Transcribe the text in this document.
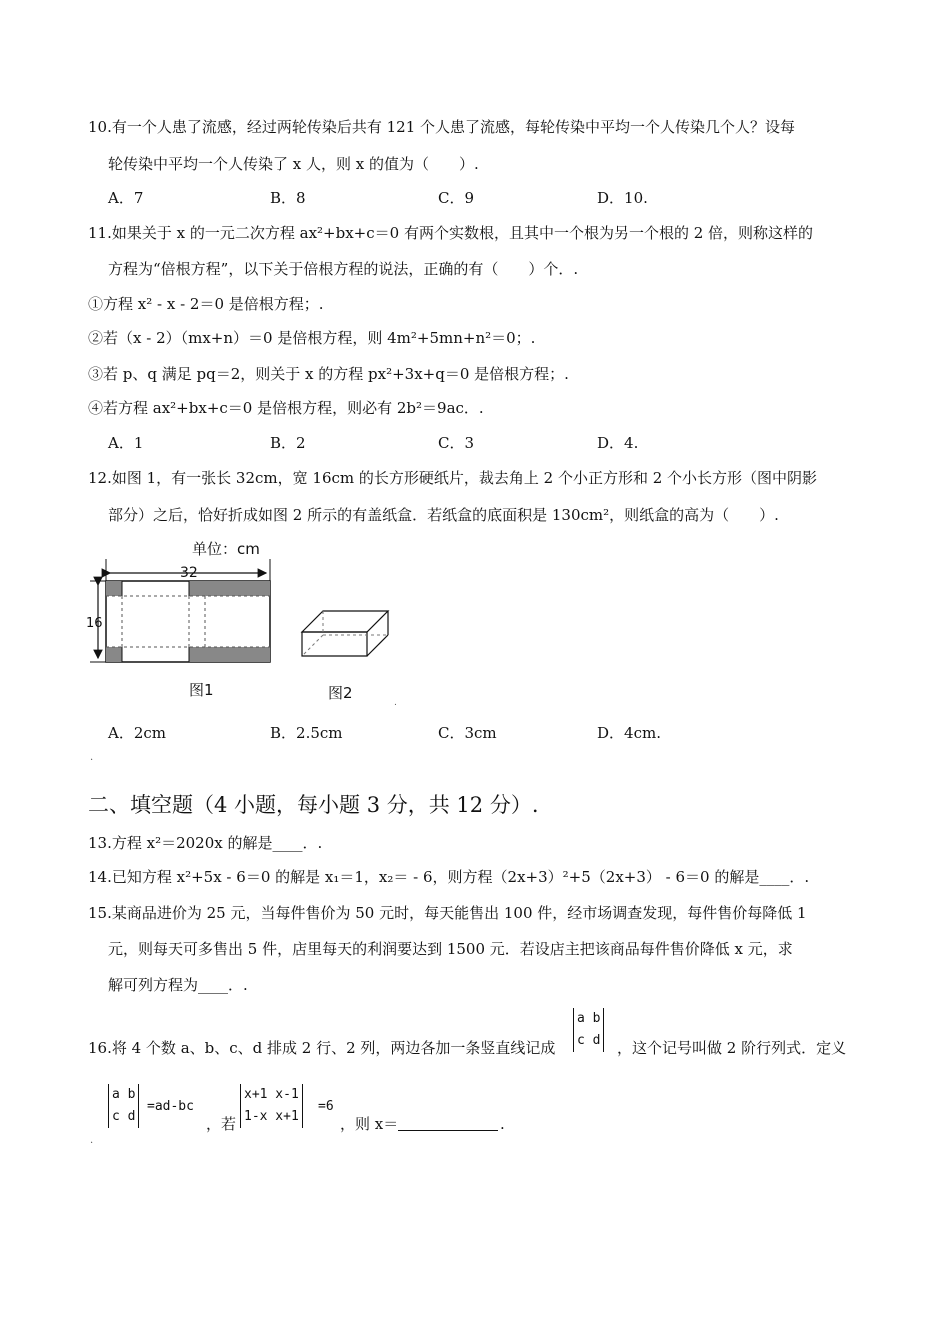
10.有一个人患了流感，经过两轮传染后共有 121 个人患了流感，每轮传染中平均一个人传染几个人？设每
轮传染中平均一个人传染了 x 人，则 x 的值为（　　）.
A．7	B．8	C．9	D．10.
11.如果关于 x 的一元二次方程 ax²+bx+c＝0 有两个实数根，且其中一个根为另一个根的 2 倍，则称这样的
方程为“倍根方程”，以下关于倍根方程的说法，正确的有（　　）个．.
①方程 x² - x - 2＝0 是倍根方程；.
②若（x - 2）（mx+n）＝0 是倍根方程，则 4m²+5mn+n²＝0；.
③若 p、q 满足 pq＝2，则关于 x 的方程 px²+3x+q＝0 是倍根方程；.
④若方程 ax²+bx+c＝0 是倍根方程，则必有 2b²＝9ac．.
A．1	B．2	C．3	D．4.
12.如图 1，有一张长 32cm，宽 16cm 的长方形硬纸片，裁去角上 2 个小正方形和 2 个小长方形（图中阴影
部分）之后，恰好折成如图 2 所示的有盖纸盒．若纸盒的底面积是 130cm²，则纸盒的高为（　　）.
单位：cm
32
16
图1	图2
.
A．2cm	B．2.5cm	C．3cm	D．4cm.
二、填空题（4 小题，每小题 3 分，共 12 分）.
13.方程 x²＝2020x 的解是____．.
14.已知方程 x²+5x - 6＝0 的解是 x₁＝1，x₂＝ - 6，则方程（2x+3）²+5（2x+3） - 6＝0 的解是____．.
15.某商品进价为 25 元，当每件售价为 50 元时，每天能售出 100 件，经市场调查发现，每件售价每降低 1
元，则每天可多售出 5 件，店里每天的利润要达到 1500 元．若设店主把该商品每件售价降低 x 元，求
解可列方程为____．.
16.将 4 个数 a、b、c、d 排成 2 行、2 列，两边各加一条竖直线记成
a b
c d ，这个记号叫做 2 阶行列式．定义
a b
c d
=ad-bc
，若
x+1 x-1
1-x x+1
=6
，则 x＝	.
.
.
